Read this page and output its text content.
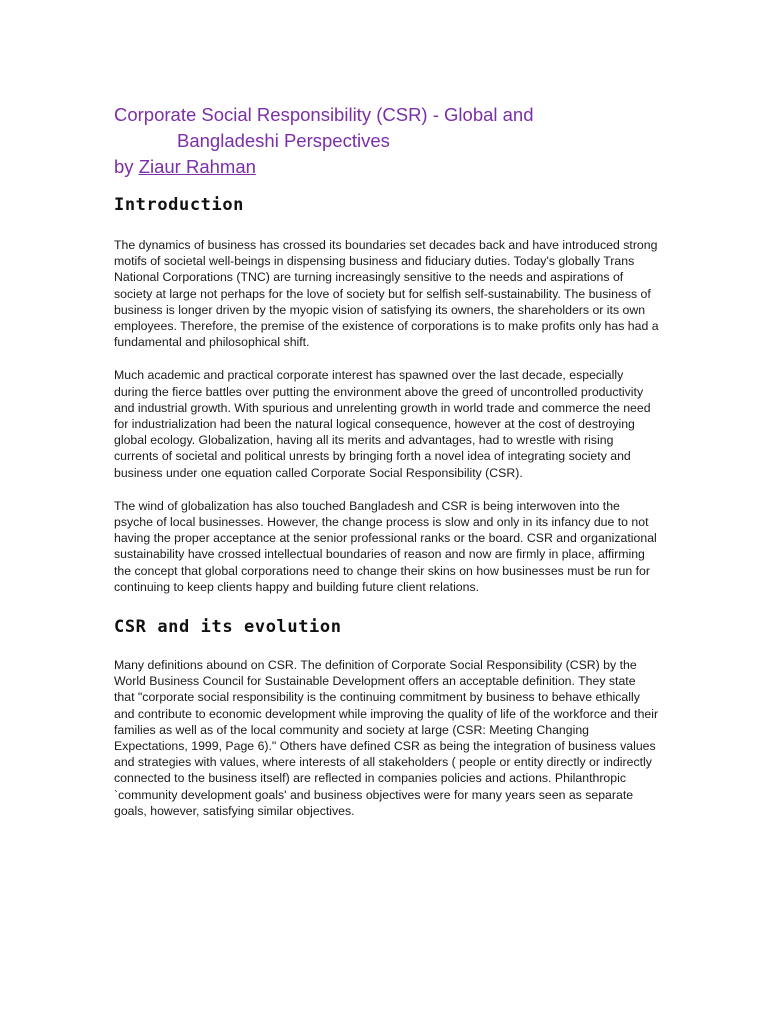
Corporate Social Responsibility (CSR) - Global and
Bangladeshi Perspectives
by Ziaur Rahman
Introduction

The dynamics of business has crossed its boundaries set decades back and have introduced strong motifs of societal well-beings in dispensing business and fiduciary duties. Today's globally Trans National Corporations (TNC) are turning increasingly sensitive to the needs and aspirations of society at large not perhaps for the love of society but for selfish self-sustainability. The business of business is longer driven by the myopic vision of satisfying its owners, the shareholders or its own employees. Therefore, the premise of the existence of corporations is to make profits only has had a fundamental and philosophical shift.

Much academic and practical corporate interest has spawned over the last decade, especially during the fierce battles over putting the environment above the greed of uncontrolled productivity and industrial growth. With spurious and unrelenting growth in world trade and commerce the need for industrialization had been the natural logical consequence, however at the cost of destroying global ecology. Globalization, having all its merits and advantages, had to wrestle with rising currents of societal and political unrests by bringing forth a novel idea of integrating society and business under one equation called Corporate Social Responsibility (CSR).

The wind of globalization has also touched Bangladesh and CSR is being interwoven into the psyche of local businesses. However, the change process is slow and only in its infancy due to not having the proper acceptance at the senior professional ranks or the board. CSR and organizational sustainability have crossed intellectual boundaries of reason and now are firmly in place, affirming the concept that global corporations need to change their skins on how businesses must be run for continuing to keep clients happy and building future client relations.

CSR and its evolution

Many definitions abound on CSR. The definition of Corporate Social Responsibility (CSR) by the World Business Council for Sustainable Development offers an acceptable definition. They state that "corporate social responsibility is the continuing commitment by business to behave ethically and contribute to economic development while improving the quality of life of the workforce and their families as well as of the local community and society at large (CSR: Meeting Changing Expectations, 1999, Page 6)." Others have defined CSR as being the integration of business values and strategies with values, where interests of all stakeholders ( people or entity directly or indirectly connected to the business itself) are reflected in companies policies and actions. Philanthropic `community development goals' and business objectives were for many years seen as separate goals, however, satisfying similar objectives.
